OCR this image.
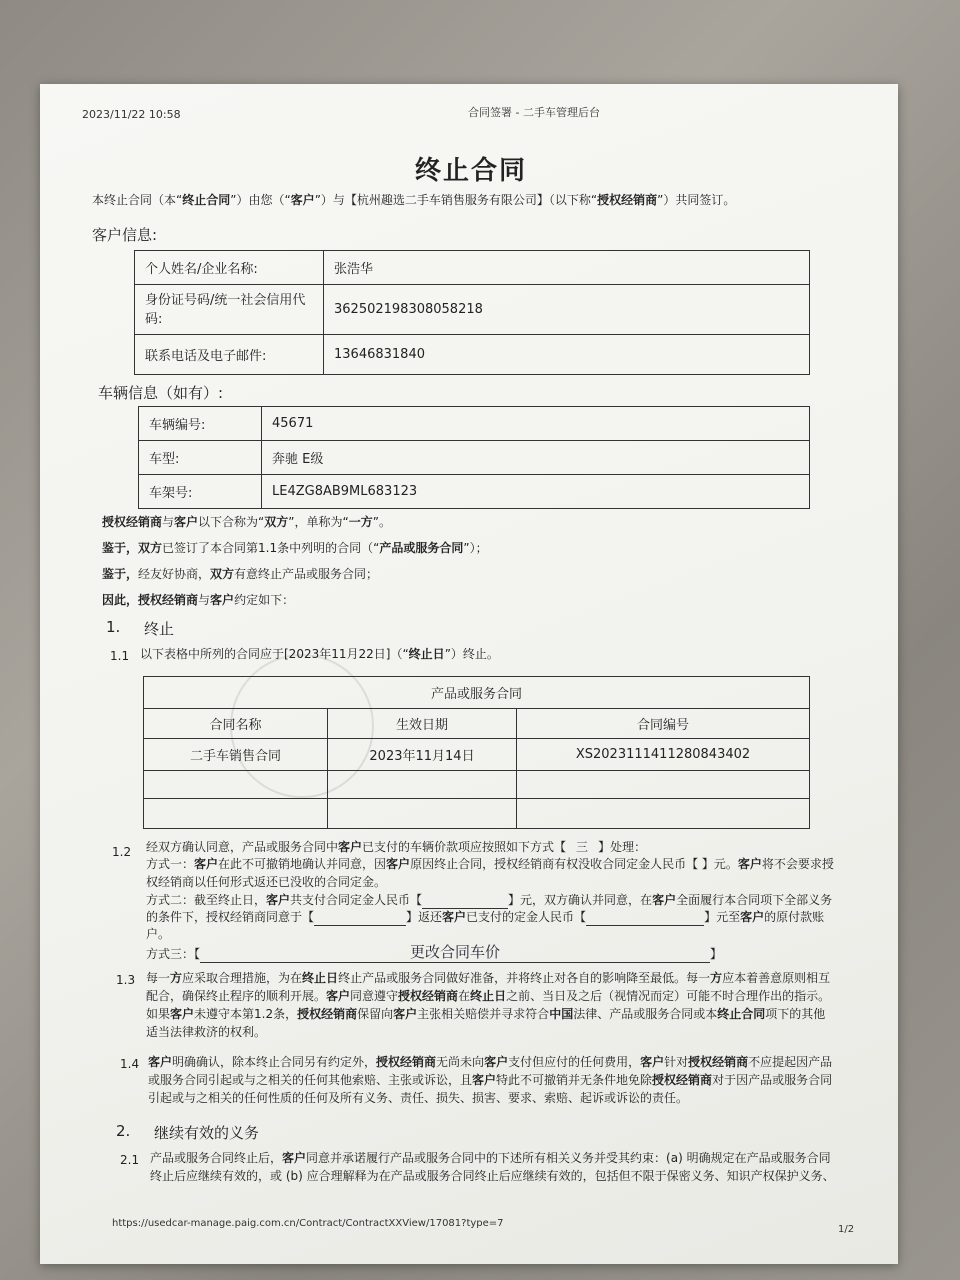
2023/11/22 10:58	合同签署 - 二手车管理后台
终止合同
本终止合同（本“终止合同”）由您（“客户”）与【杭州趣选二手车销售服务有限公司】（以下称“授权经销商”）共同签订。
客户信息:
个人姓名/企业名称:	张浩华
身份证号码/统一社会信用代码:	362502198308058218
联系电话及电子邮件:	13646831840
车辆信息（如有）:
车辆编号:	45671
车型:	奔驰 E级
车架号:	LE4ZG8AB9ML683123
授权经销商与客户以下合称为“双方”，单称为“一方”。
鉴于，双方已签订了本合同第1.1条中列明的合同（“产品或服务合同”）；
鉴于，经友好协商，双方有意终止产品或服务合同；
因此，授权经销商与客户约定如下：
1. 终止
1.1 以下表格中所列的合同应于[2023年11月22日]（“终止日”）终止。
产品或服务合同		
合同名称	生效日期	合同编号
二手车销售合同	2023年11月14日	XS2023111411280843402

1.2 经双方确认同意，产品或服务合同中客户已支付的车辆价款项应按照如下方式【 三 】处理：
方式一：客户在此不可撤销地确认并同意，因客户原因终止合同，授权经销商有权没收合同定金人民币【 】元。客户将不会要求授
权经销商以任何形式返还已没收的合同定金。
方式二：截至终止日，客户共支付合同定金人民币【	】元，双方确认并同意，在客户全面履行本合同项下全部义务
的条件下，授权经销商同意于【	】返还客户已支付的定金人民币【	】元至客户的原付款账
户。
方式三：【	更改合同车价	】
1.3 每一方应采取合理措施，为在终止日终止产品或服务合同做好准备，并将终止对各自的影响降至最低。每一方应本着善意原则相互
配合，确保终止程序的顺利开展。客户同意遵守授权经销商在终止日之前、当日及之后（视情况而定）可能不时合理作出的指示。
如果客户未遵守本第1.2条，授权经销商保留向客户主张相关赔偿并寻求符合中国法律、产品或服务合同或本终止合同项下的其他
适当法律救济的权利。
1.4 客户明确确认，除本终止合同另有约定外，授权经销商无尚未向客户支付但应付的任何费用，客户针对授权经销商不应提起因产品
或服务合同引起或与之相关的任何其他索赔、主张或诉讼，且客户特此不可撤销并无条件地免除授权经销商对于因产品或服务合同
引起或与之相关的任何性质的任何及所有义务、责任、损失、损害、要求、索赔、起诉或诉讼的责任。
2. 继续有效的义务
2.1 产品或服务合同终止后，客户同意并承诺履行产品或服务合同中的下述所有相关义务并受其约束：(a) 明确规定在产品或服务合同
终止后应继续有效的，或 (b) 应合理解释为在产品或服务合同终止后应继续有效的，包括但不限于保密义务、知识产权保护义务、
https://usedcar-manage.paig.com.cn/Contract/ContractXXView/17081?type=7
1/2
